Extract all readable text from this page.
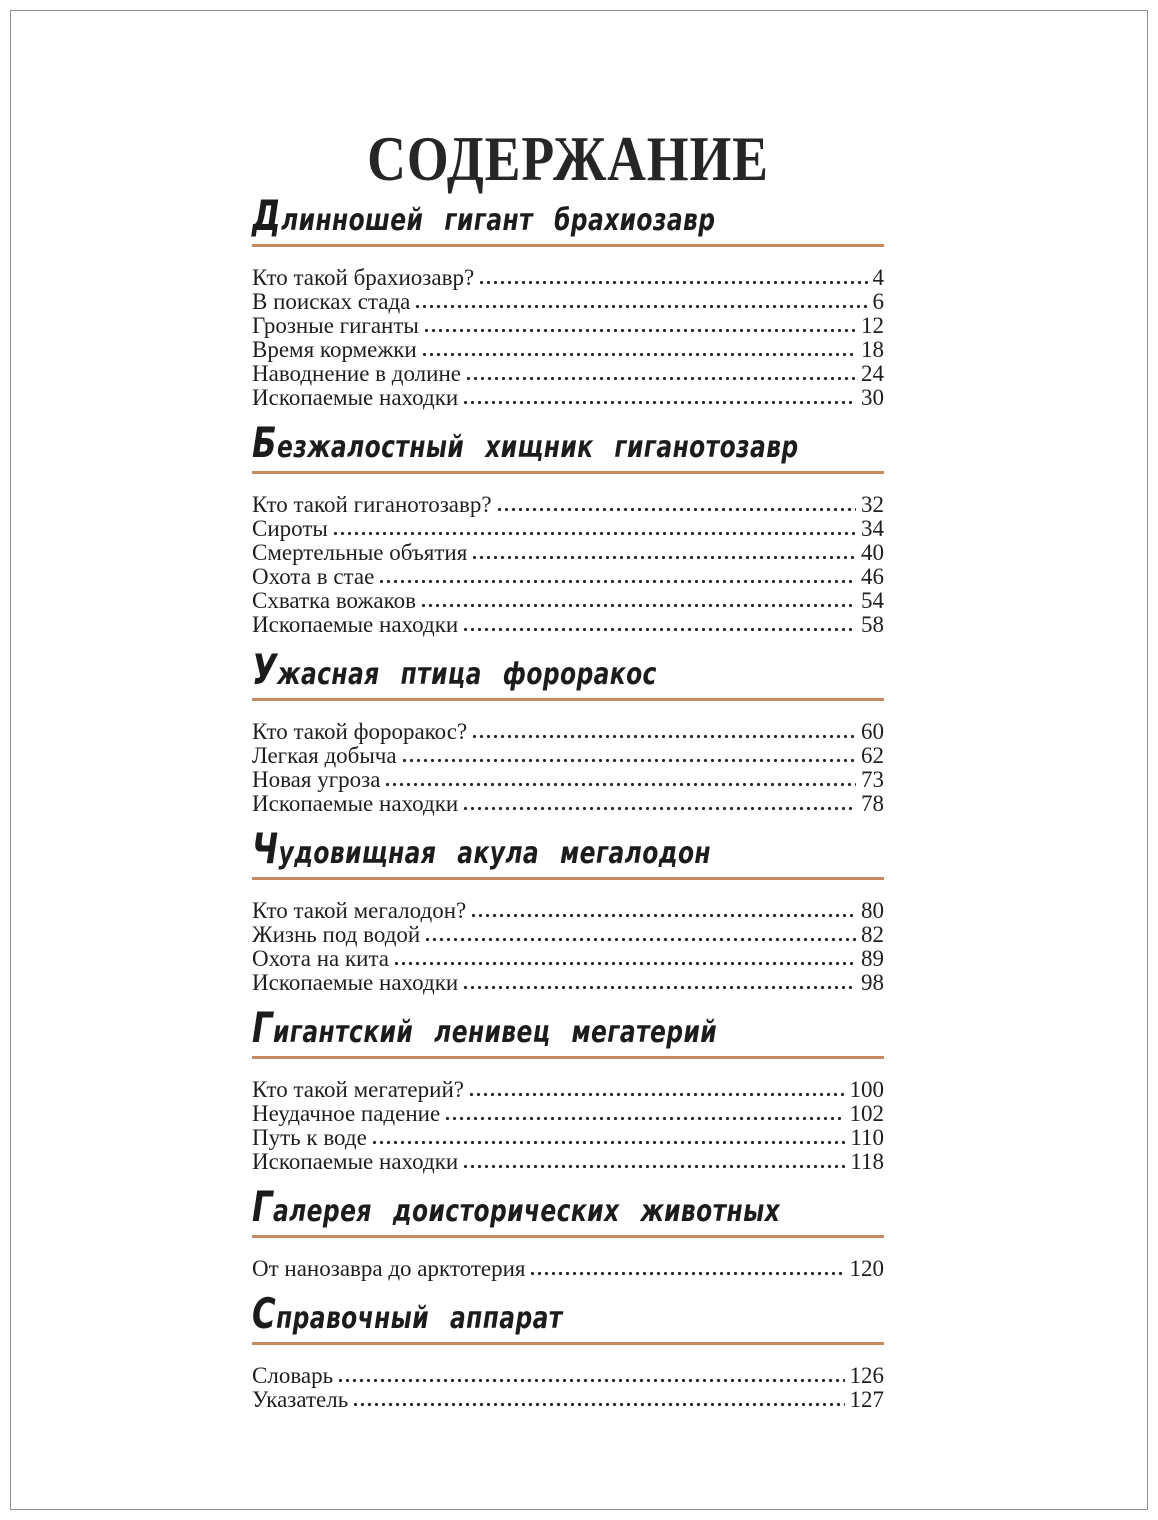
СОДЕРЖАНИЕ
Длинношей гигант брахиозавр
Кто такой брахиозавр?	4
В поисках стада	6
Грозные гиганты	12
Время кормежки	18
Наводнение в долине	24
Ископаемые находки	30
Безжалостный хищник гиганотозавр
Кто такой гиганотозавр?	32
Сироты	34
Смертельные объятия	40
Охота в стае	46
Схватка вожаков	54
Ископаемые находки	58
Ужасная птица фороракос
Кто такой фороракос?	60
Легкая добыча	62
Новая угроза	73
Ископаемые находки	78
Чудовищная акула мегалодон
Кто такой мегалодон?	80
Жизнь под водой	82
Охота на кита	89
Ископаемые находки	98
Гигантский ленивец мегатерий
Кто такой мегатерий?	100
Неудачное падение	102
Путь к воде	110
Ископаемые находки	118
Галерея доисторических животных
От нанозавра до арктотерия	120
Справочный аппарат
Словарь	126
Указатель	127
